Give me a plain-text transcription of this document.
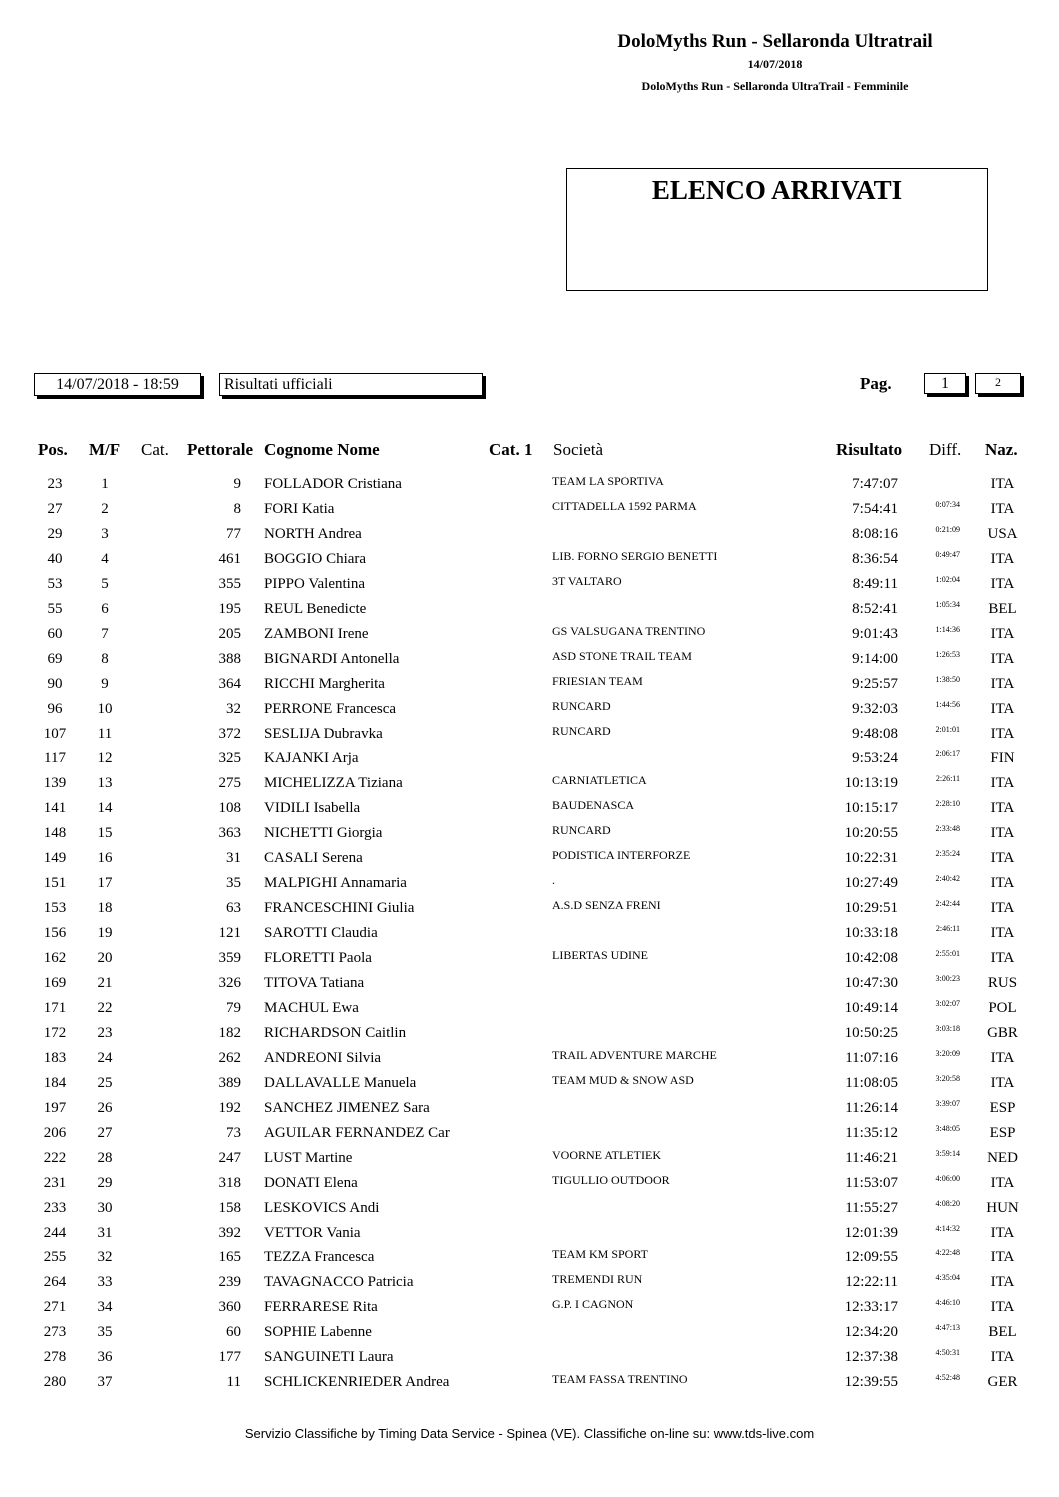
DoloMyths Run - Sellaronda Ultratrail
14/07/2018
DoloMyths Run - Sellaronda UltraTrail - Femminile
ELENCO ARRIVATI
14/07/2018 - 18:59	Risultati ufficiali	Pag.	1	2
Pos. M/F Cat. Pettorale Cognome Nome	Cat. 1 Società	Risultato Diff. Naz.
23	1	9 FOLLADOR Cristiana	TEAM LA SPORTIVA	7:47:07	ITA
27	2	8 FORI Katia	CITTADELLA 1592 PARMA	7:54:41	0:07:34	ITA
29	3	77 NORTH Andrea	8:08:16	0:21:09	USA
40	4	461 BOGGIO Chiara	LIB. FORNO SERGIO BENETTI	8:36:54	0:49:47	ITA
53	5	355 PIPPO Valentina	3T VALTARO	8:49:11	1:02:04	ITA
55	6	195 REUL Benedicte	8:52:41	1:05:34	BEL
60	7	205 ZAMBONI Irene	GS VALSUGANA TRENTINO	9:01:43	1:14:36	ITA
69	8	388 BIGNARDI Antonella	ASD STONE TRAIL TEAM	9:14:00	1:26:53	ITA
90	9	364 RICCHI Margherita	FRIESIAN TEAM	9:25:57	1:38:50	ITA
96	10	32 PERRONE Francesca	RUNCARD	9:32:03	1:44:56	ITA
107	11	372 SESLIJA Dubravka	RUNCARD	9:48:08	2:01:01	ITA
117	12	325 KAJANKI Arja	9:53:24	2:06:17	FIN
139	13	275 MICHELIZZA Tiziana	CARNIATLETICA	10:13:19	2:26:11	ITA
141	14	108 VIDILI Isabella	BAUDENASCA	10:15:17	2:28:10	ITA
148	15	363 NICHETTI Giorgia	RUNCARD	10:20:55	2:33:48	ITA
149	16	31 CASALI Serena	PODISTICA INTERFORZE	10:22:31	2:35:24	ITA
151	17	35 MALPIGHI Annamaria	.	10:27:49	2:40:42	ITA
153	18	63 FRANCESCHINI Giulia	A.S.D SENZA FRENI	10:29:51	2:42:44	ITA
156	19	121 SAROTTI Claudia	10:33:18	2:46:11	ITA
162	20	359 FLORETTI Paola	LIBERTAS UDINE	10:42:08	2:55:01	ITA
169	21	326 TITOVA Tatiana	10:47:30	3:00:23	RUS
171	22	79 MACHUL Ewa	10:49:14	3:02:07	POL
172	23	182 RICHARDSON Caitlin	10:50:25	3:03:18	GBR
183	24	262 ANDREONI Silvia	TRAIL ADVENTURE MARCHE	11:07:16	3:20:09	ITA
184	25	389 DALLAVALLE Manuela	TEAM MUD & SNOW ASD	11:08:05	3:20:58	ITA
197	26	192 SANCHEZ JIMENEZ Sara	11:26:14	3:39:07	ESP
206	27	73 AGUILAR FERNANDEZ Car	11:35:12	3:48:05	ESP
222	28	247 LUST Martine	VOORNE ATLETIEK	11:46:21	3:59:14	NED
231	29	318 DONATI Elena	TIGULLIO OUTDOOR	11:53:07	4:06:00	ITA
233	30	158 LESKOVICS Andi	11:55:27	4:08:20	HUN
244	31	392 VETTOR Vania	12:01:39	4:14:32	ITA
255	32	165 TEZZA Francesca	TEAM KM SPORT	12:09:55	4:22:48	ITA
264	33	239 TAVAGNACCO Patricia	TREMENDI RUN	12:22:11	4:35:04	ITA
271	34	360 FERRARESE Rita	G.P. I CAGNON	12:33:17	4:46:10	ITA
273	35	60 SOPHIE Labenne	12:34:20	4:47:13	BEL
278	36	177 SANGUINETI Laura	12:37:38	4:50:31	ITA
280	37	11 SCHLICKENRIEDER Andrea	TEAM FASSA TRENTINO	12:39:55	4:52:48	GER
Servizio Classifiche by Timing Data Service - Spinea (VE). Classifiche on-line su: www.tds-live.com
